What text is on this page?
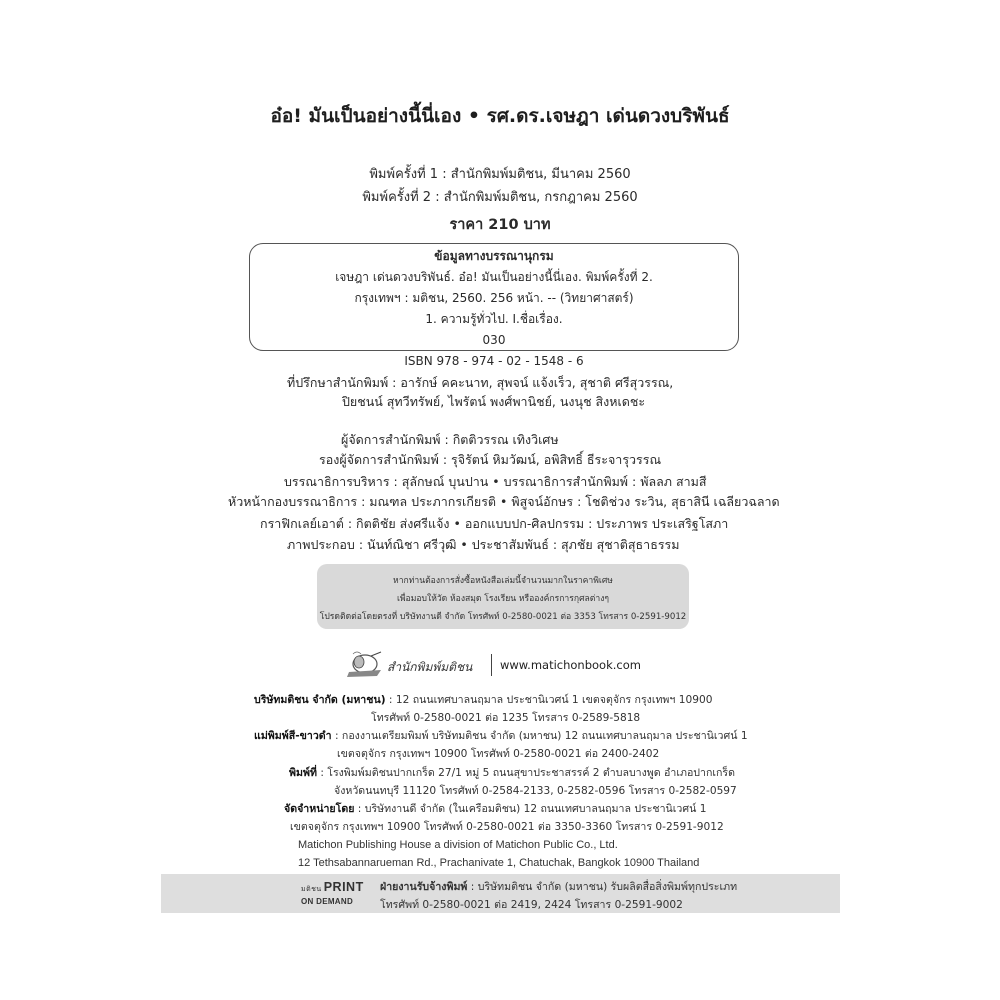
อ๋อ! มันเป็นอย่างนี้นี่เอง • รศ.ดร.เจษฎา เด่นดวงบริพันธ์
พิมพ์ครั้งที่ 1 : สำนักพิมพ์มติชน, มีนาคม 2560
พิมพ์ครั้งที่ 2 : สำนักพิมพ์มติชน, กรกฎาคม 2560
ราคา 210 บาท
ข้อมูลทางบรรณานุกรม
เจษฎา เด่นดวงบริพันธ์. อ๋อ! มันเป็นอย่างนี้นี่เอง. พิมพ์ครั้งที่ 2.
กรุงเทพฯ : มติชน, 2560. 256 หน้า. -- (วิทยาศาสตร์)
1. ความรู้ทั่วไป. I.ชื่อเรื่อง.
030
ISBN 978 - 974 - 02 - 1548 - 6
ที่ปรึกษาสำนักพิมพ์ : อารักษ์ คคะนาท, สุพจน์ แจ้งเร็ว, สุชาติ ศรีสุวรรณ,
ปิยชนน์ สุทวีทรัพย์, ไพรัตน์ พงศ์พานิชย์, นงนุช สิงหเดชะ
ผู้จัดการสำนักพิมพ์ : กิตติวรรณ เทิงวิเศษ
รองผู้จัดการสำนักพิมพ์ : รุจิรัตน์ หิมวัฒน์, อพิสิทธิ์ ธีระจารุวรรณ
บรรณาธิการบริหาร : สุลักษณ์ บุนปาน • บรรณาธิการสำนักพิมพ์ : พัลลภ สามสี
หัวหน้ากองบรรณาธิการ : มณฑล ประภากรเกียรติ • พิสูจน์อักษร : โชติช่วง ระวิน, สุธาสินี เฉลียวฉลาด
กราฟิกเลย์เอาต์ : กิตติชัย ส่งศรีแจ้ง • ออกแบบปก-ศิลปกรรม : ประภาพร ประเสริฐโสภา
ภาพประกอบ : นันท์ณิชา ศรีวุฒิ • ประชาสัมพันธ์ : สุภชัย สุชาติสุธาธรรม
หากท่านต้องการสั่งซื้อหนังสือเล่มนี้จำนวนมากในราคาพิเศษ
เพื่อมอบให้วัด ห้องสมุด โรงเรียน หรือองค์กรการกุศลต่างๆ
โปรดติดต่อโดยตรงที่ บริษัทงานดี จำกัด โทรศัพท์ 0-2580-0021 ต่อ 3353 โทรสาร 0-2591-9012
สำนักพิมพ์มติชน www.matichonbook.com
บริษัทมติชน จำกัด (มหาชน) : 12 ถนนเทศบาลนฤมาล ประชานิเวศน์ 1 เขตจตุจักร กรุงเทพฯ 10900
โทรศัพท์ 0-2580-0021 ต่อ 1235 โทรสาร 0-2589-5818
แม่พิมพ์สี-ขาวดำ : กองงานเตรียมพิมพ์ บริษัทมติชน จำกัด (มหาชน) 12 ถนนเทศบาลนฤมาล ประชานิเวศน์ 1
เขตจตุจักร กรุงเทพฯ 10900 โทรศัพท์ 0-2580-0021 ต่อ 2400-2402
พิมพ์ที่ : โรงพิมพ์มติชนปากเกร็ด 27/1 หมู่ 5 ถนนสุขาประชาสรรค์ 2 ตำบลบางพูด อำเภอปากเกร็ด
จังหวัดนนทบุรี 11120 โทรศัพท์ 0-2584-2133, 0-2582-0596 โทรสาร 0-2582-0597
จัดจำหน่ายโดย : บริษัทงานดี จำกัด (ในเครือมติชน) 12 ถนนเทศบาลนฤมาล ประชานิเวศน์ 1
เขตจตุจักร กรุงเทพฯ 10900 โทรศัพท์ 0-2580-0021 ต่อ 3350-3360 โทรสาร 0-2591-9012
Matichon Publishing House a division of Matichon Public Co., Ltd.
12 Tethsabannarueman Rd., Prachanivate 1, Chatuchak, Bangkok 10900 Thailand
มติชน PRINT
ON DEMAND
ฝ่ายงานรับจ้างพิมพ์ : บริษัทมติชน จำกัด (มหาชน) รับผลิตสื่อสิ่งพิมพ์ทุกประเภท
โทรศัพท์ 0-2580-0021 ต่อ 2419, 2424 โทรสาร 0-2591-9002
